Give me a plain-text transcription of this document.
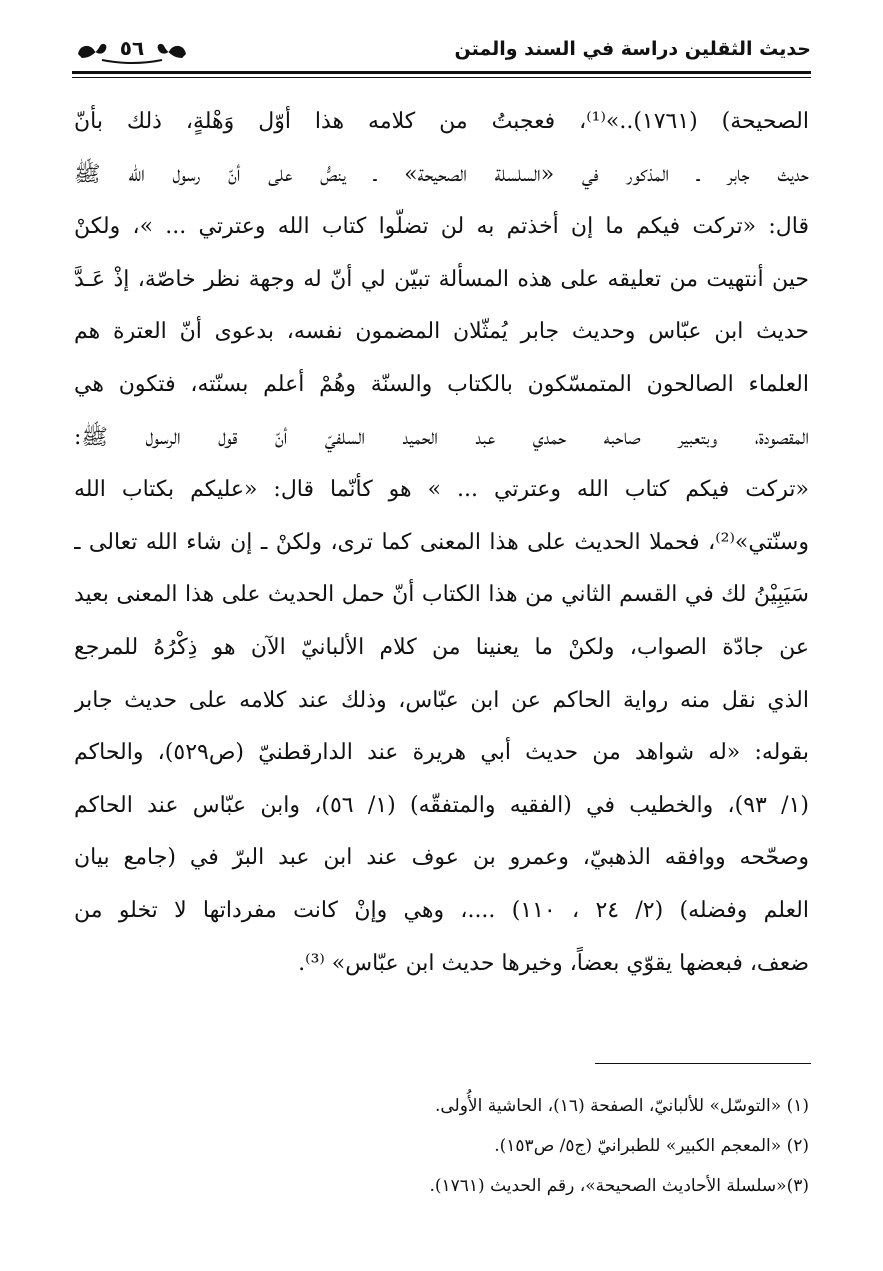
حديث الثقلين دراسة في السند والمتن
٥٦
الصحيحة) (١٧٦١)..»⁽¹⁾، فعجبتُ من كلامه هذا أوّل وَهْلةٍ، ذلك بأنّ
حديث جابر ـ المذكور في «السلسلة الصحيحة» ـ ينصُّ على أنّ رسول الله ﷺ
قال: «تركت فيكم ما إن أخذتم به لن تضلّوا كتاب الله وعترتي ... »، ولكنْ
حين أنتهيت من تعليقه على هذه المسألة تبيّن لي أنّ له وجهة نظر خاصّة، إذْ عَـدَّ
حديث ابن عبّاس وحديث جابر يُمثّلان المضمون نفسه، بدعوى أنّ العترة هم
العلماء الصالحون المتمسّكون بالكتاب والسنّة وهُمْ أعلم بسنّته، فتكون هي
المقصودة، وبتعبير صاحبه حمدي عبد الحميد السلفيّ أنّ قول الرسول ﷺ:
«تركت فيكم كتاب الله وعترتي ... » هو كأنّما قال: «عليكم بكتاب الله
وسنّتي»⁽²⁾، فحملا الحديث على هذا المعنى كما ترى، ولكنْ ـ إن شاء الله تعالى ـ
سَيَبِيْنُ لك في القسم الثاني من هذا الكتاب أنّ حمل الحديث على هذا المعنى بعيد
عن جادّة الصواب، ولكنْ ما يعنينا من كلام الألبانيّ الآن هو ذِكْرُهُ للمرجع
الذي نقل منه رواية الحاكم عن ابن عبّاس، وذلك عند كلامه على حديث جابر
بقوله: «له شواهد من حديث أبي هريرة عند الدارقطنيّ (ص٥٢٩)، والحاكم
(١/ ٩٣)، والخطيب في (الفقيه والمتفقّه) (١/ ٥٦)، وابن عبّاس عند الحاكم
وصحّحه ووافقه الذهبيّ، وعمرو بن عوف عند ابن عبد البرّ في (جامع بيان
العلم وفضله) (٢/ ٢٤ ، ١١٠) ....، وهي وإنْ كانت مفرداتها لا تخلو من
ضعف، فبعضها يقوّي بعضاً، وخيرها حديث ابن عبّاس» ⁽³⁾.
(١) «التوسّل» للألبانيّ، الصفحة (١٦)، الحاشية الأُولى.
(٢) «المعجم الكبير» للطبرانيّ (ج٥/ ص١٥٣).
(٣)«سلسلة الأحاديث الصحيحة»، رقم الحديث (١٧٦١).
